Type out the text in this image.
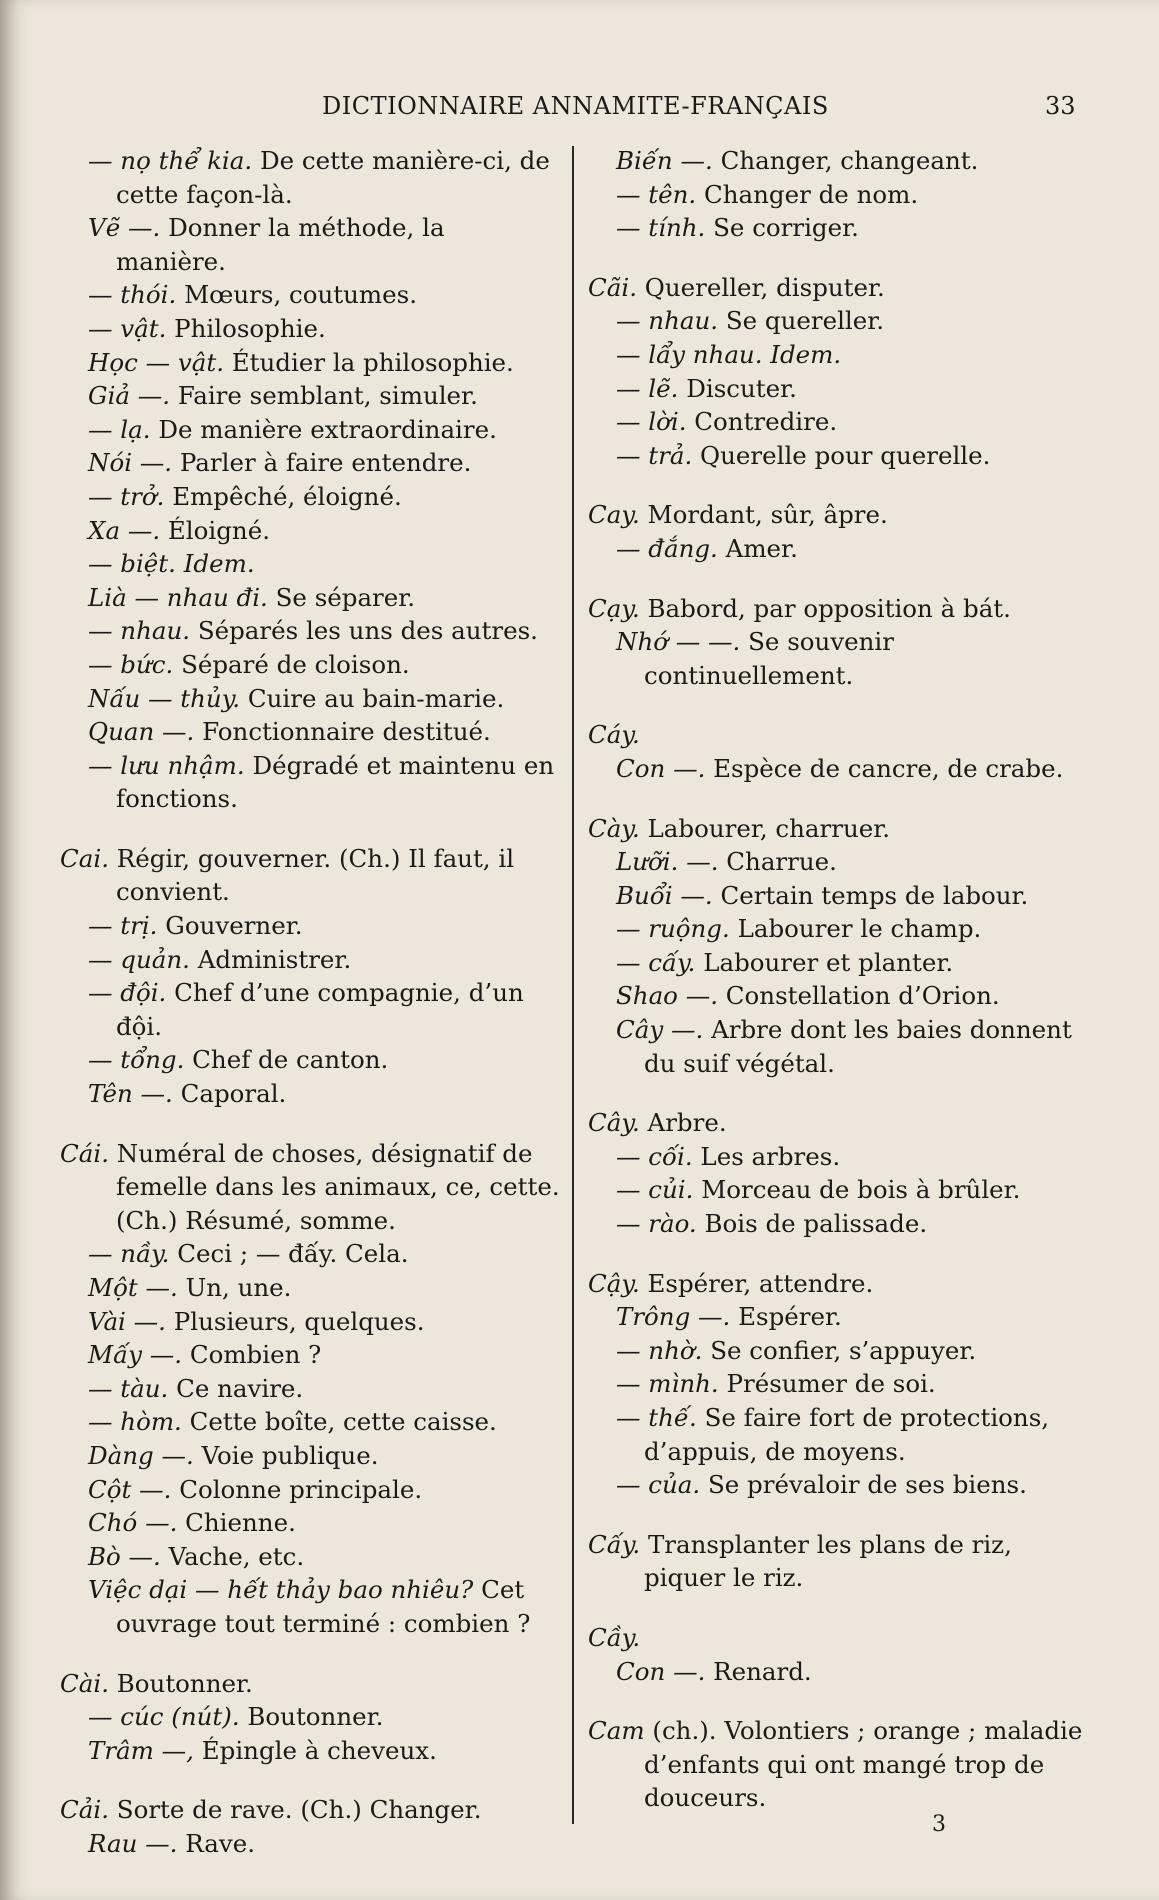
DICTIONNAIRE ANNAMITE-FRANÇAIS	33
— nọ thể kia. De cette manière-ci, de cette façon-là.
Vẽ —. Donner la méthode, la manière.
— thói. Mœurs, coutumes.
— vật. Philosophie.
Học — vật. Étudier la philosophie.
Giả —. Faire semblant, simuler.
— lạ. De manière extraordinaire.
Nói —. Parler à faire entendre.
— trở. Empêché, éloigné.
Xa —. Éloigné.
— biệt. Idem.
Lià — nhau đi. Se séparer.
— nhau. Séparés les uns des autres.
— bức. Séparé de cloison.
Nấu — thủy. Cuire au bain-marie.
Quan —. Fonctionnaire destitué.
— lưu nhậm. Dégradé et maintenu en fonctions.
Cai. Régir, gouverner. (Ch.) Il faut, il convient.
— trị. Gouverner.
— quản. Administrer.
— đội. Chef d’une compagnie, d’un đội.
— tổng. Chef de canton.
Tên —. Caporal.
Cái. Numéral de choses, désignatif de femelle dans les animaux, ce, cette. (Ch.) Résumé, somme.
— nầy. Ceci ; — đấy. Cela.
Một —. Un, une.
Vài —. Plusieurs, quelques.
Mấy —. Combien ?
— tàu. Ce navire.
— hòm. Cette boîte, cette caisse.
Dàng —. Voie publique.
Cột —. Colonne principale.
Chó —. Chienne.
Bò —. Vache, etc.
Việc dại — hết thảy bao nhiêu? Cet ouvrage tout terminé : combien ?
Cài. Boutonner.
— cúc (nút). Boutonner.
Trâm —, Épingle à cheveux.
Cải. Sorte de rave. (Ch.) Changer.
Rau —. Rave.
Biến —. Changer, changeant.
— tên. Changer de nom.
— tính. Se corriger.
Cãi. Quereller, disputer.
— nhau. Se quereller.
— lẩy nhau. Idem.
— lẽ. Discuter.
— lời. Contredire.
— trả. Querelle pour querelle.
Cay. Mordant, sûr, âpre.
— đắng. Amer.
Cạy. Babord, par opposition à bát.
Nhớ — —. Se souvenir continuellement.
Cáy.
Con —. Espèce de cancre, de crabe.
Cày. Labourer, charruer.
Lưỡi. —. Charrue.
Buổi —. Certain temps de labour.
— ruộng. Labourer le champ.
— cấy. Labourer et planter.
Shao —. Constellation d’Orion.
Cây —. Arbre dont les baies donnent du suif végétal.
Cây. Arbre.
— cối. Les arbres.
— củi. Morceau de bois à brûler.
— rào. Bois de palissade.
Cậy. Espérer, attendre.
Trông —. Espérer.
— nhờ. Se confier, s’appuyer.
— mình. Présumer de soi.
— thế. Se faire fort de protections, d’appuis, de moyens.
— của. Se prévaloir de ses biens.
Cấy. Transplanter les plans de riz, piquer le riz.
Cầy.
Con —. Renard.
Cam (ch.). Volontiers ; orange ; maladie d’enfants qui ont mangé trop de douceurs.
3
